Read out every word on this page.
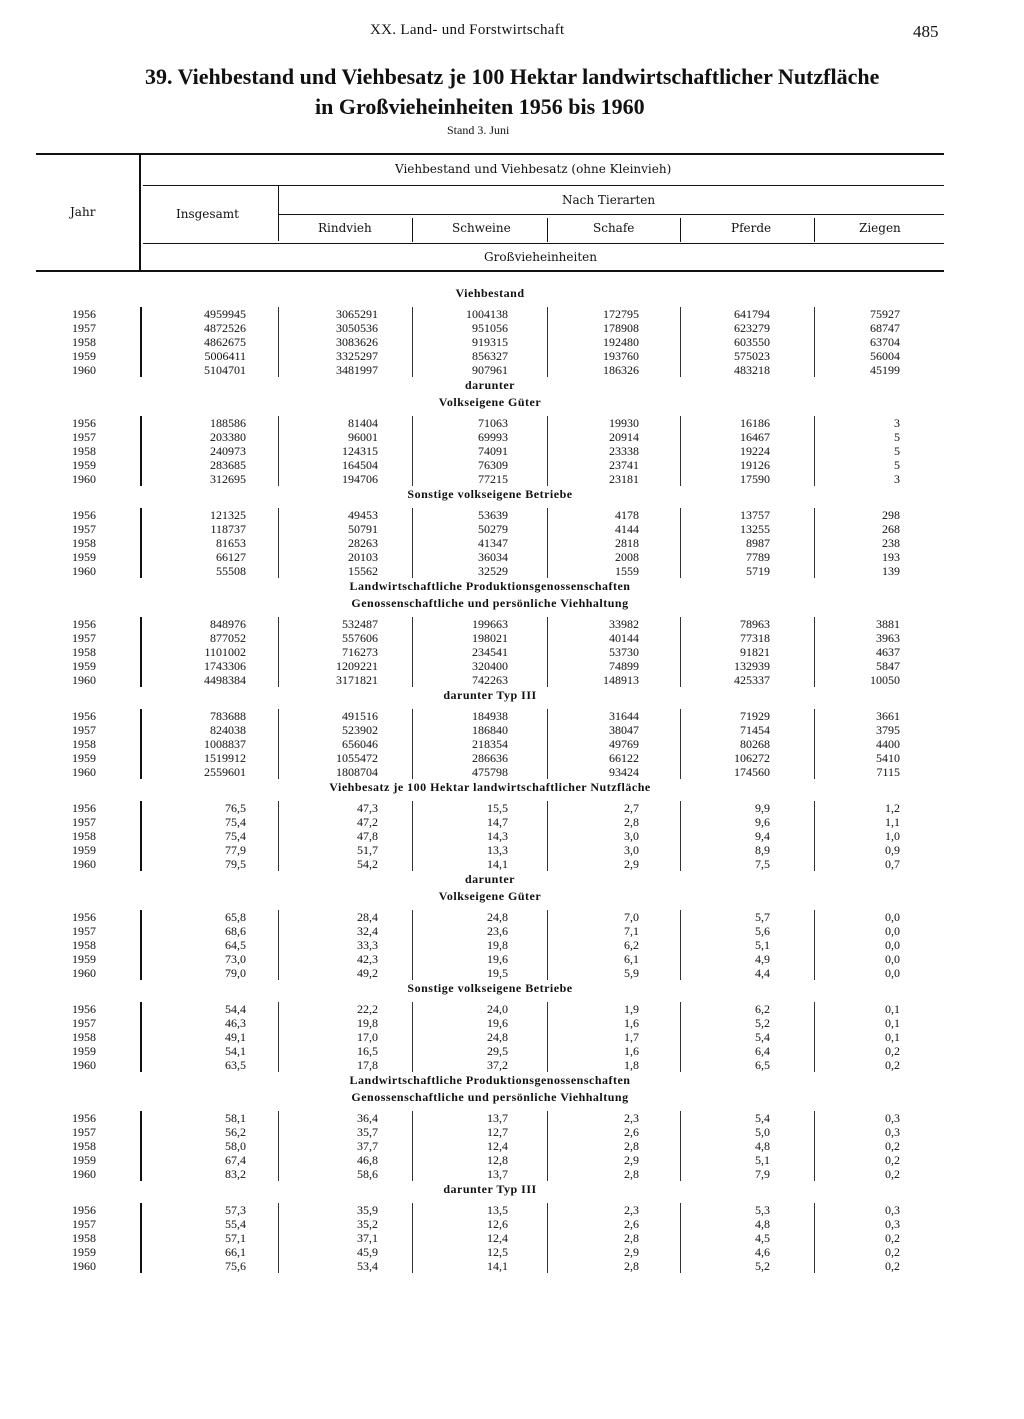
XX. Land- und Forstwirtschaft	485
39. Viehbestand und Viehbesatz je 100 Hektar landwirtschaftlicher Nutzfläche
in Großvieheinheiten 1956 bis 1960
Stand 3. Juni
Jahr
Viehbestand und Viehbesatz (ohne Kleinvieh)
Insgesamt
Nach Tierarten
Rindvieh	Schweine	Schafe	Pferde	Ziegen
Großvieheinheiten
Viehbestand
1956	4959945	3065291	1004138	172795	641794	75927
1957	4872526	3050536	951056	178908	623279	68747
1958	4862675	3083626	919315	192480	603550	63704
1959	5006411	3325297	856327	193760	575023	56004
1960	5104701	3481997	907961	186326	483218	45199
darunter
Volkseigene Güter
1956	188586	81404	71063	19930	16186	3
1957	203380	96001	69993	20914	16467	5
1958	240973	124315	74091	23338	19224	5
1959	283685	164504	76309	23741	19126	5
1960	312695	194706	77215	23181	17590	3
Sonstige volkseigene Betriebe
1956	121325	49453	53639	4178	13757	298
1957	118737	50791	50279	4144	13255	268
1958	81653	28263	41347	2818	8987	238
1959	66127	20103	36034	2008	7789	193
1960	55508	15562	32529	1559	5719	139
Landwirtschaftliche Produktionsgenossenschaften
Genossenschaftliche und persönliche Viehhaltung
1956	848976	532487	199663	33982	78963	3881
1957	877052	557606	198021	40144	77318	3963
1958	1101002	716273	234541	53730	91821	4637
1959	1743306	1209221	320400	74899	132939	5847
1960	4498384	3171821	742263	148913	425337	10050
darunter Typ III
1956	783688	491516	184938	31644	71929	3661
1957	824038	523902	186840	38047	71454	3795
1958	1008837	656046	218354	49769	80268	4400
1959	1519912	1055472	286636	66122	106272	5410
1960	2559601	1808704	475798	93424	174560	7115
Viehbesatz je 100 Hektar landwirtschaftlicher Nutzfläche
1956	76,5	47,3	15,5	2,7	9,9	1,2
1957	75,4	47,2	14,7	2,8	9,6	1,1
1958	75,4	47,8	14,3	3,0	9,4	1,0
1959	77,9	51,7	13,3	3,0	8,9	0,9
1960	79,5	54,2	14,1	2,9	7,5	0,7
darunter
Volkseigene Güter
1956	65,8	28,4	24,8	7,0	5,7	0,0
1957	68,6	32,4	23,6	7,1	5,6	0,0
1958	64,5	33,3	19,8	6,2	5,1	0,0
1959	73,0	42,3	19,6	6,1	4,9	0,0
1960	79,0	49,2	19,5	5,9	4,4	0,0
Sonstige volkseigene Betriebe
1956	54,4	22,2	24,0	1,9	6,2	0,1
1957	46,3	19,8	19,6	1,6	5,2	0,1
1958	49,1	17,0	24,8	1,7	5,4	0,1
1959	54,1	16,5	29,5	1,6	6,4	0,2
1960	63,5	17,8	37,2	1,8	6,5	0,2
Landwirtschaftliche Produktionsgenossenschaften
Genossenschaftliche und persönliche Viehhaltung
1956	58,1	36,4	13,7	2,3	5,4	0,3
1957	56,2	35,7	12,7	2,6	5,0	0,3
1958	58,0	37,7	12,4	2,8	4,8	0,2
1959	67,4	46,8	12,8	2,9	5,1	0,2
1960	83,2	58,6	13,7	2,8	7,9	0,2
darunter Typ III
1956	57,3	35,9	13,5	2,3	5,3	0,3
1957	55,4	35,2	12,6	2,6	4,8	0,3
1958	57,1	37,1	12,4	2,8	4,5	0,2
1959	66,1	45,9	12,5	2,9	4,6	0,2
1960	75,6	53,4	14,1	2,8	5,2	0,2
